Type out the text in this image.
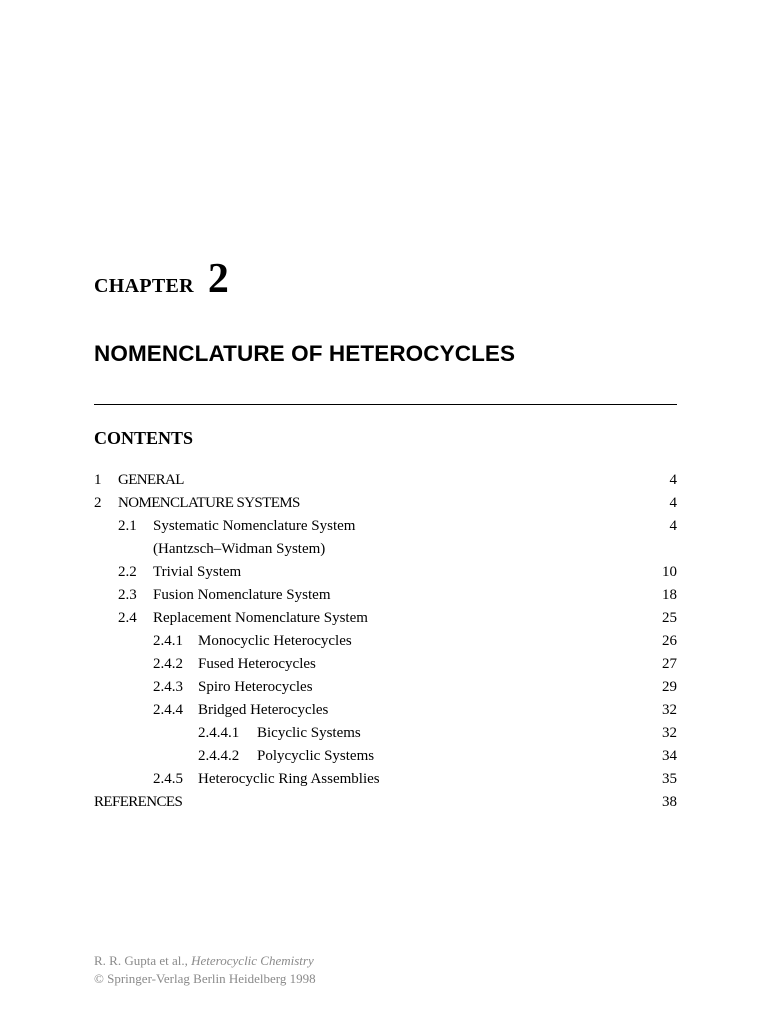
CHAPTER 2
NOMENCLATURE OF HETEROCYCLES
CONTENTS
1 GENERAL	4
2 NOMENCLATURE SYSTEMS	4
2.1 Systematic Nomenclature System	4
(Hantzsch–Widman System)
2.2 Trivial System	10
2.3 Fusion Nomenclature System	18
2.4 Replacement Nomenclature System	25
2.4.1 Monocyclic Heterocycles	26
2.4.2 Fused Heterocycles	27
2.4.3 Spiro Heterocycles	29
2.4.4 Bridged Heterocycles	32
2.4.4.1 Bicyclic Systems	32
2.4.4.2 Polycyclic Systems	34
2.4.5 Heterocyclic Ring Assemblies	35
REFERENCES	38
R. R. Gupta et al., Heterocyclic Chemistry
© Springer-Verlag Berlin Heidelberg 1998
